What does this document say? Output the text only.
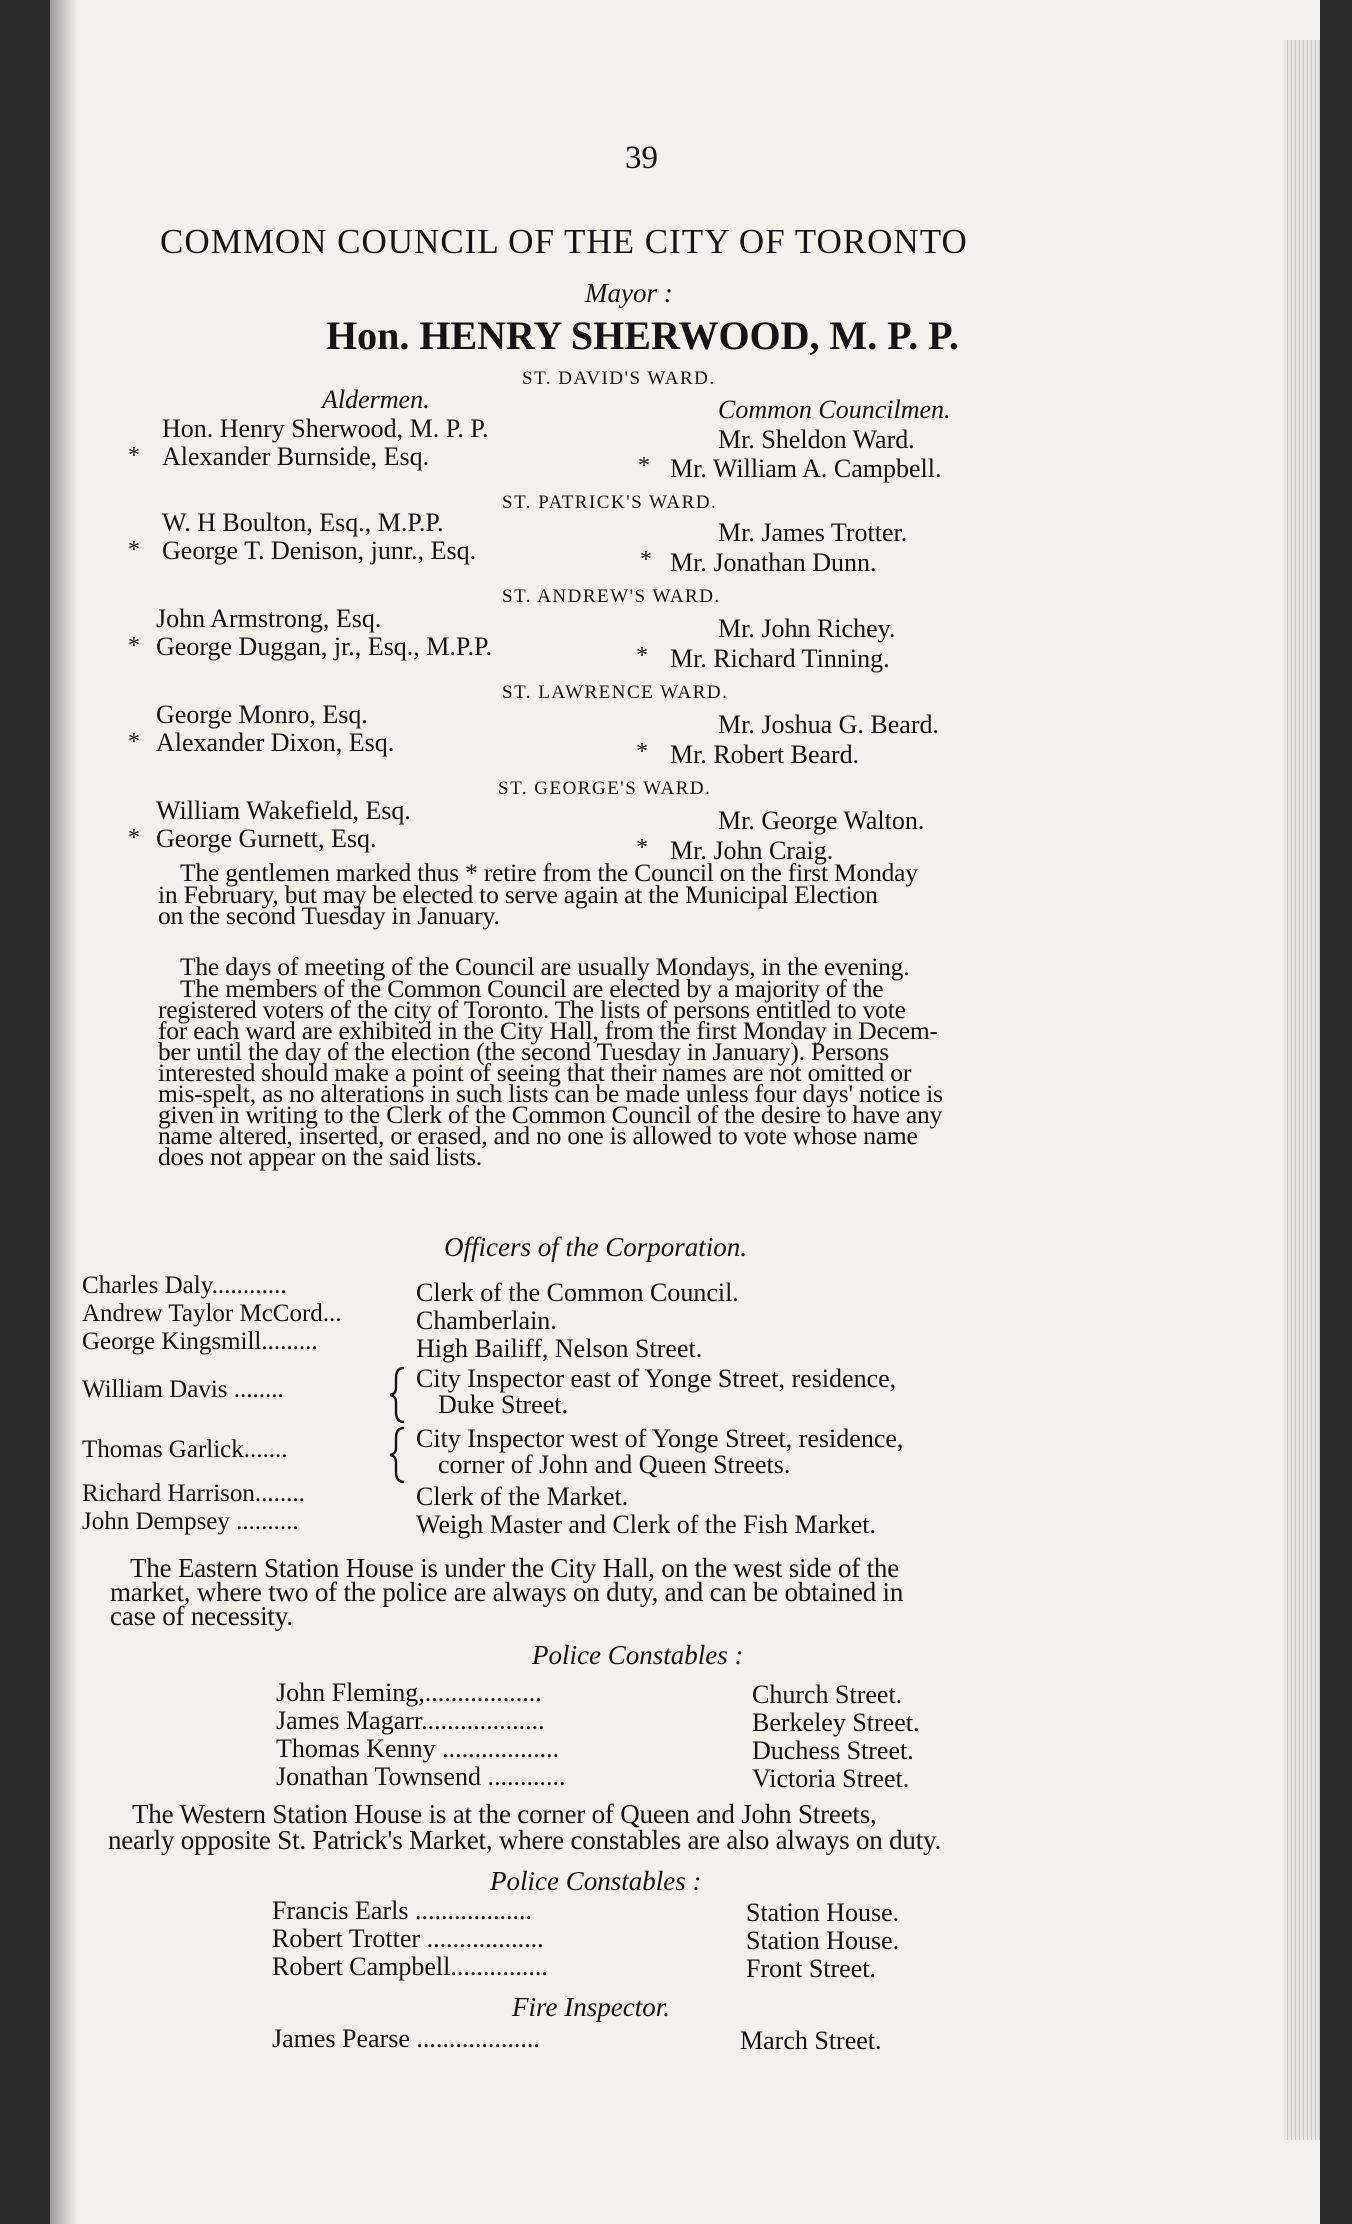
39
COMMON COUNCIL OF THE CITY OF TORONTO
Mayor :
Hon. HENRY SHERWOOD, M. P. P.
ST. DAVID'S WARD.
Aldermen.	Common Councilmen.
Hon. Henry Sherwood, M. P. P.	Mr. Sheldon Ward.
* Alexander Burnside, Esq.	* Mr. William A. Campbell.
ST. PATRICK'S WARD.
W. H Boulton, Esq., M.P.P.	Mr. James Trotter.
* George T. Denison, junr., Esq.	* Mr. Jonathan Dunn.
ST. ANDREW'S WARD.
John Armstrong, Esq.	Mr. John Richey.
* George Duggan, jr., Esq., M.P.P.	* Mr. Richard Tinning.
ST. LAWRENCE WARD.
George Monro, Esq.	Mr. Joshua G. Beard.
* Alexander Dixon, Esq.	* Mr. Robert Beard.
ST. GEORGE'S WARD.
William Wakefield, Esq.	Mr. George Walton.
* George Gurnett, Esq.	* Mr. John Craig.
The gentlemen marked thus * retire from the Council on the first Monday
in February, but may be elected to serve again at the Municipal Election
on the second Tuesday in January.
The days of meeting of the Council are usually Mondays, in the evening.
The members of the Common Council are elected by a majority of the
registered voters of the city of Toronto. The lists of persons entitled to vote
for each ward are exhibited in the City Hall, from the first Monday in Decem-
ber until the day of the election (the second Tuesday in January). Persons
interested should make a point of seeing that their names are not omitted or
mis-spelt, as no alterations in such lists can be made unless four days' notice is
given in writing to the Clerk of the Common Council of the desire to have any
name altered, inserted, or erased, and no one is allowed to vote whose name
does not appear on the said lists.
Officers of the Corporation.
Charles Daly............	Clerk of the Common Council.
Andrew Taylor McCord...	Chamberlain.
George Kingsmill.........	High Bailiff, Nelson Street.
William Davis ........	City Inspector east of Yonge Street, residence,
Duke Street.
Thomas Garlick.......	City Inspector west of Yonge Street, residence,
corner of John and Queen Streets.
Richard Harrison........	Clerk of the Market.
John Dempsey ..........	Weigh Master and Clerk of the Fish Market.
The Eastern Station House is under the City Hall, on the west side of the
market, where two of the police are always on duty, and can be obtained in
case of necessity.
Police Constables :
John Fleming,..................	Church Street.
James Magarr...................	Berkeley Street.
Thomas Kenny ..................	Duchess Street.
Jonathan Townsend ............	Victoria Street.
The Western Station House is at the corner of Queen and John Streets,
nearly opposite St. Patrick's Market, where constables are also always on duty.
Police Constables :
Francis Earls ..................	Station House.
Robert Trotter ..................	Station House.
Robert Campbell...............	Front Street.
Fire Inspector.
James Pearse ...................	March Street.
